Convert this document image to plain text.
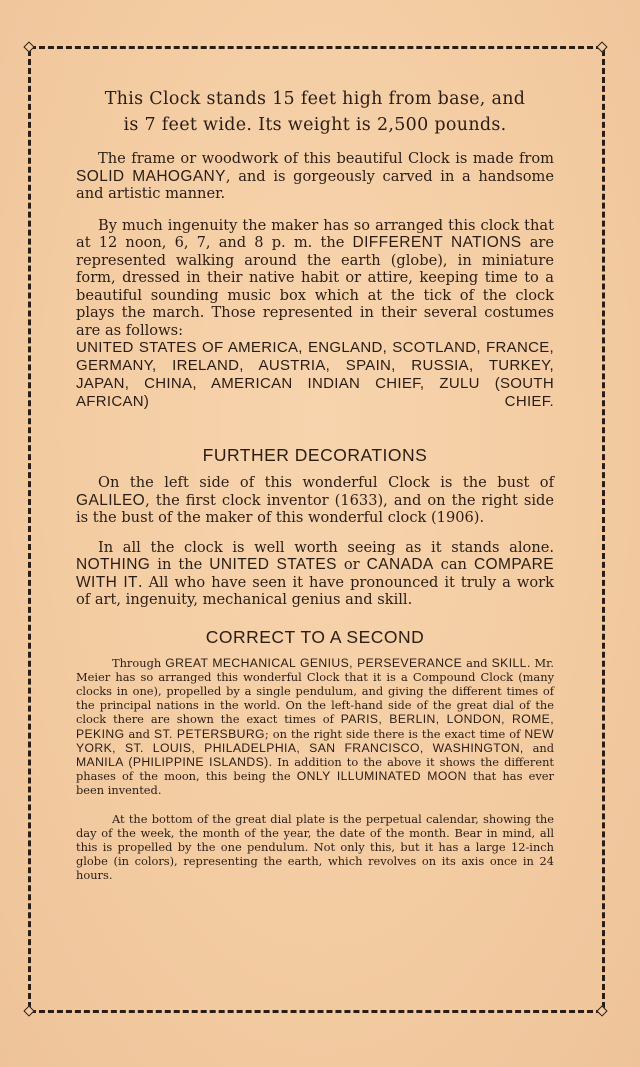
This Clock stands 15 feet high from base, and
is 7 feet wide. Its weight is 2,500 pounds.

The frame or woodwork of this beautiful Clock is made from SOLID MAHOGANY, and is gorgeously carved in a handsome and artistic manner.

By much ingenuity the maker has so arranged this clock that at 12 noon, 6, 7, and 8 p. m. the DIFFERENT NATIONS are represented walking around the earth (globe), in miniature form, dressed in their native habit or attire, keeping time to a beautiful sounding music box which at the tick of the clock plays the march. Those represented in their several costumes are as follows:

UNITED STATES OF AMERICA, ENGLAND, SCOTLAND, FRANCE, GERMANY, IRELAND, AUSTRIA, SPAIN, RUSSIA, TURKEY, JAPAN, CHINA, AMERICAN INDIAN CHIEF, ZULU (SOUTH AFRICAN) CHIEF.

FURTHER DECORATIONS

On the left side of this wonderful Clock is the bust of GALILEO, the first clock inventor (1633), and on the right side is the bust of the maker of this wonderful clock (1906).

In all the clock is well worth seeing as it stands alone. NOTHING in the UNITED STATES or CANADA can COMPARE WITH IT. All who have seen it have pronounced it truly a work of art, ingenuity, mechanical genius and skill.

CORRECT TO A SECOND

Through GREAT MECHANICAL GENIUS, PERSEVERANCE and SKILL. Mr. Meier has so arranged this wonderful Clock that it is a Compound Clock (many clocks in one), propelled by a single pendulum, and giving the different times of the principal nations in the world. On the left-hand side of the great dial of the clock there are shown the exact times of PARIS, BERLIN, LONDON, ROME, PEKING and ST. PETERSBURG; on the right side there is the exact time of NEW YORK, ST. LOUIS, PHILADELPHIA, SAN FRANCISCO, WASHINGTON, and MANILA (PHILIPPINE ISLANDS). In addition to the above it shows the different phases of the moon, this being the ONLY ILLUMINATED MOON that has ever been invented.

At the bottom of the great dial plate is the perpetual calendar, showing the day of the week, the month of the year, the date of the month. Bear in mind, all this is propelled by the one pendulum. Not only this, but it has a large 12-inch globe (in colors), representing the earth, which revolves on its axis once in 24 hours.
